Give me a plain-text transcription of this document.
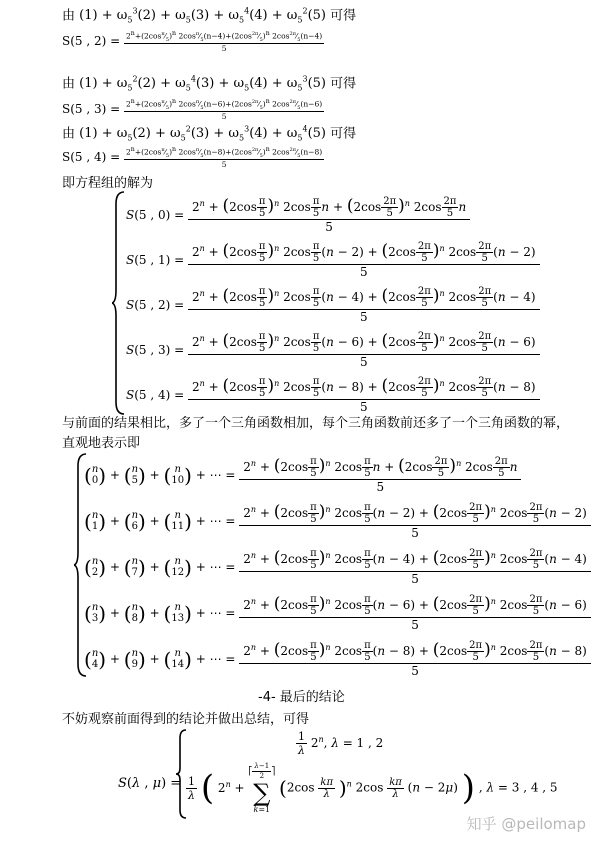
由 $(1) + \omega_5^3(2) + \omega_5(3) + \omega_5^4(4) + \omega_5^2(5)$ 可得
S(5 , $2) = \frac{2^n+(2\cos^\pi⁄_5)^n 2\cos^\pi⁄_5(n-4)+(2\cos^{2\pi}⁄_5)^n 2\cos^{2\pi}⁄_5(n-4)}{5}$
由 $(1) + \omega_5^2(2) + \omega_5^4(3) + \omega_5(4) + \omega_5^3(5)$ 可得
S(5 , $3) = \frac{2^n+(2\cos^\pi⁄_5)^n 2\cos^\pi⁄_5(n-6)+(2\cos^{2\pi}⁄_5)^n 2\cos^{2\pi}⁄_5(n-6)}{5}$
由 $(1) + \omega_5(2) + \omega_5^2(3) + \omega_5^3(4) + \omega_5^4(5)$ 可得
S(5 , $4) = \frac{2^n+(2\cos^\pi⁄_5)^n 2\cos^\pi⁄_5(n-8)+(2\cos^{2\pi}⁄_5)^n 2\cos^{2\pi}⁄_5(n-8)}{5}$
即方程组的解为
S(5 , $0) = \frac{2^n + (2\cos \frac{\pi}{5} )^n 2\cos \frac{\pi}{5} n + (2\cos \frac{2\pi}{5} )^n 2\cos \frac{2\pi}{5} n}{5}$
S(5 , $1) = \frac{2^n + (2\cos \frac{\pi}{5} )^n 2\cos \frac{\pi}{5} (n - 2) + (2\cos \frac{2\pi}{5} )^n 2\cos \frac{2\pi}{5} (n - 2)}{5}$
S(5 , $2) = \frac{2^n + (2\cos \frac{\pi}{5} )^n 2\cos \frac{\pi}{5} (n - 4) + (2\cos \frac{2\pi}{5} )^n 2\cos \frac{2\pi}{5} (n - 4)}{5}$
S(5 , $3) = \frac{2^n + (2\cos \frac{\pi}{5} )^n 2\cos \frac{\pi}{5} (n - 6) + (2\cos \frac{2\pi}{5} )^n 2\cos \frac{2\pi}{5} (n - 6)}{5}$
S(5 , $4) = \frac{2^n + (2\cos \frac{\pi}{5} )^n 2\cos \frac{\pi}{5} (n - 8) + (2\cos \frac{2\pi}{5} )^n 2\cos \frac{2\pi}{5} (n - 8)}{5}$
与前面的结果相比，多了一个三角函数相加，每个三角函数前还多了一个三角函数的幂，
直观地表示即
( n
0 ) + ( n
5 ) + ( n
10 ) + ⋯ = $\frac{2^n + (2\cos \frac{\pi}{5} )^n 2\cos \frac{\pi}{5} n + (2\cos \frac{2\pi}{5} )^n 2\cos \frac{2\pi}{5} n}{5}$
( n
1 ) + ( n
6 ) + ( n
11 ) + ⋯ = $\frac{2^n + (2\cos \frac{\pi}{5} )^n 2\cos \frac{\pi}{5} (n - 2) + (2\cos \frac{2\pi}{5} )^n 2\cos \frac{2\pi}{5} (n - 2)}{5}$
( n
2 ) + ( n
7 ) + ( n
12 ) + ⋯ = $\frac{2^n + (2\cos \frac{\pi}{5} )^n 2\cos \frac{\pi}{5} (n - 4) + (2\cos \frac{2\pi}{5} )^n 2\cos \frac{2\pi}{5} (n - 4)}{5}$
( n
3 ) + ( n
8 ) + ( n
13 ) + ⋯ = $\frac{2^n + (2\cos \frac{\pi}{5} )^n 2\cos \frac{\pi}{5} (n - 6) + (2\cos \frac{2\pi}{5} )^n 2\cos \frac{2\pi}{5} (n - 6)}{5}$
( n
4 ) + ( n
9 ) + ( n
14 ) + ⋯ = $\frac{2^n + (2\cos \frac{\pi}{5} )^n 2\cos \frac{\pi}{5} (n - 8) + (2\cos \frac{2\pi}{5} )^n 2\cos \frac{2\pi}{5} (n - 8)}{5}$
-4- 最后的结论
不妨观察前面得到的结论并做出总结，可得
S(λ , μ) =
$\frac{1}{\lambda} 2^n$, λ = 1 , 2
$\frac{1}{\lambda}$ ( $2^n$ +
⎡ $\frac{\lambda-1}{2}$ ⎤
∑
k=1
$(2\cos \frac{k\pi}{\lambda} )^n$ $2\cos \frac{k\pi}{\lambda} (n - 2\mu)$ ) , λ = 3 , 4 , 5
知乎 @peilomap
